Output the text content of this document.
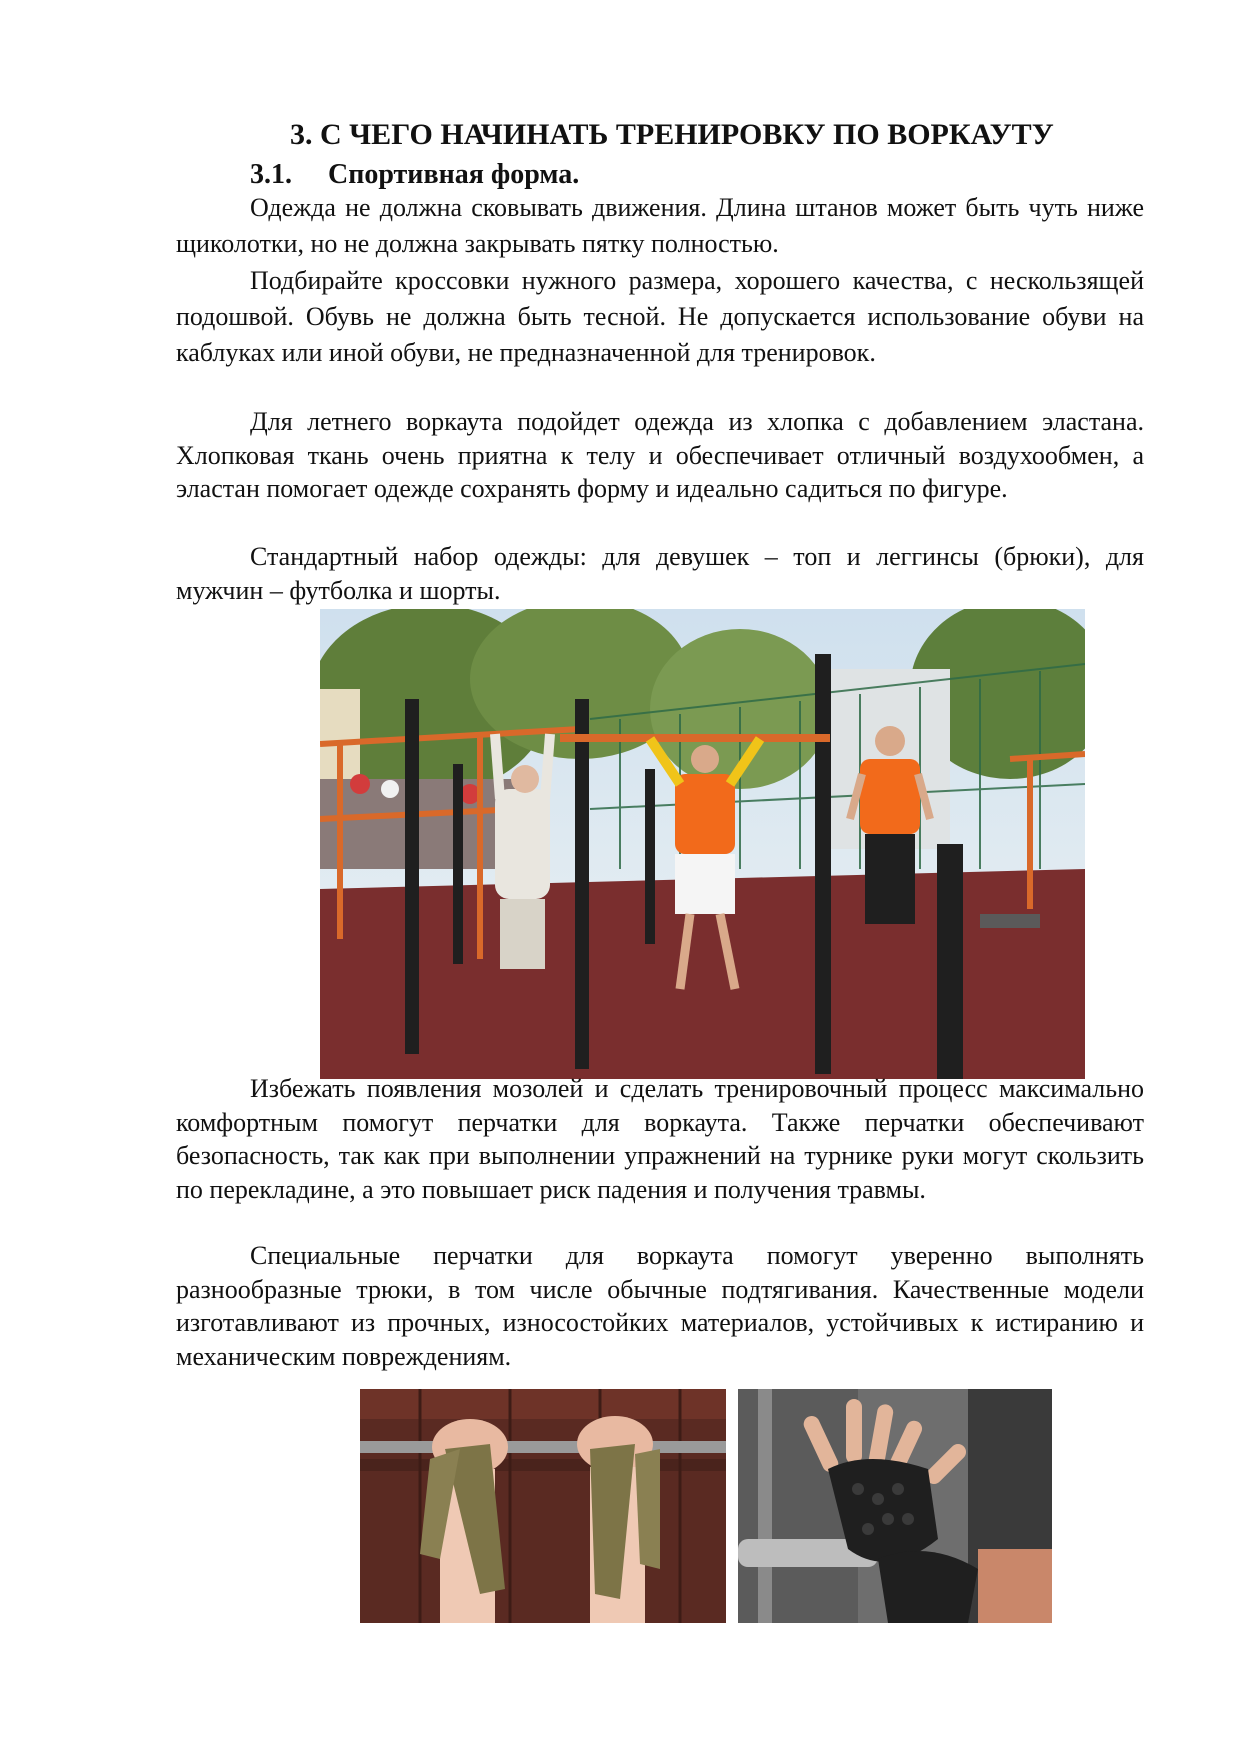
3. С ЧЕГО НАЧИНАТЬ ТРЕНИРОВКУ ПО ВОРКАУТУ
3.1. Спортивная форма.

Одежда не должна сковывать движения. Длина штанов может быть чуть ниже щиколотки, но не должна закрывать пятку полностью.

Подбирайте кроссовки нужного размера, хорошего качества, с нескользящей подошвой. Обувь не должна быть тесной. Не допускается использование обуви на каблуках или иной обуви, не предназначенной для тренировок.

Для летнего воркаута подойдет одежда из хлопка с добавлением эластана. Хлопковая ткань очень приятна к телу и обеспечивает отличный воздухообмен, а эластан помогает одежде сохранять форму и идеально садиться по фигуре.

Стандартный набор одежды: для девушек – топ и леггинсы (брюки), для мужчин – футболка и шорты.

Избежать появления мозолей и сделать тренировочный процесс максимально комфортным помогут перчатки для воркаута. Также перчатки обеспечивают безопасность, так как при выполнении упражнений на турнике руки могут скользить по перекладине, а это повышает риск падения и получения травмы.

Специальные перчатки для воркаута помогут уверенно выполнять разнообразные трюки, в том числе обычные подтягивания. Качественные модели изготавливают из прочных, износостойких материалов, устойчивых к истиранию и механическим повреждениям.
